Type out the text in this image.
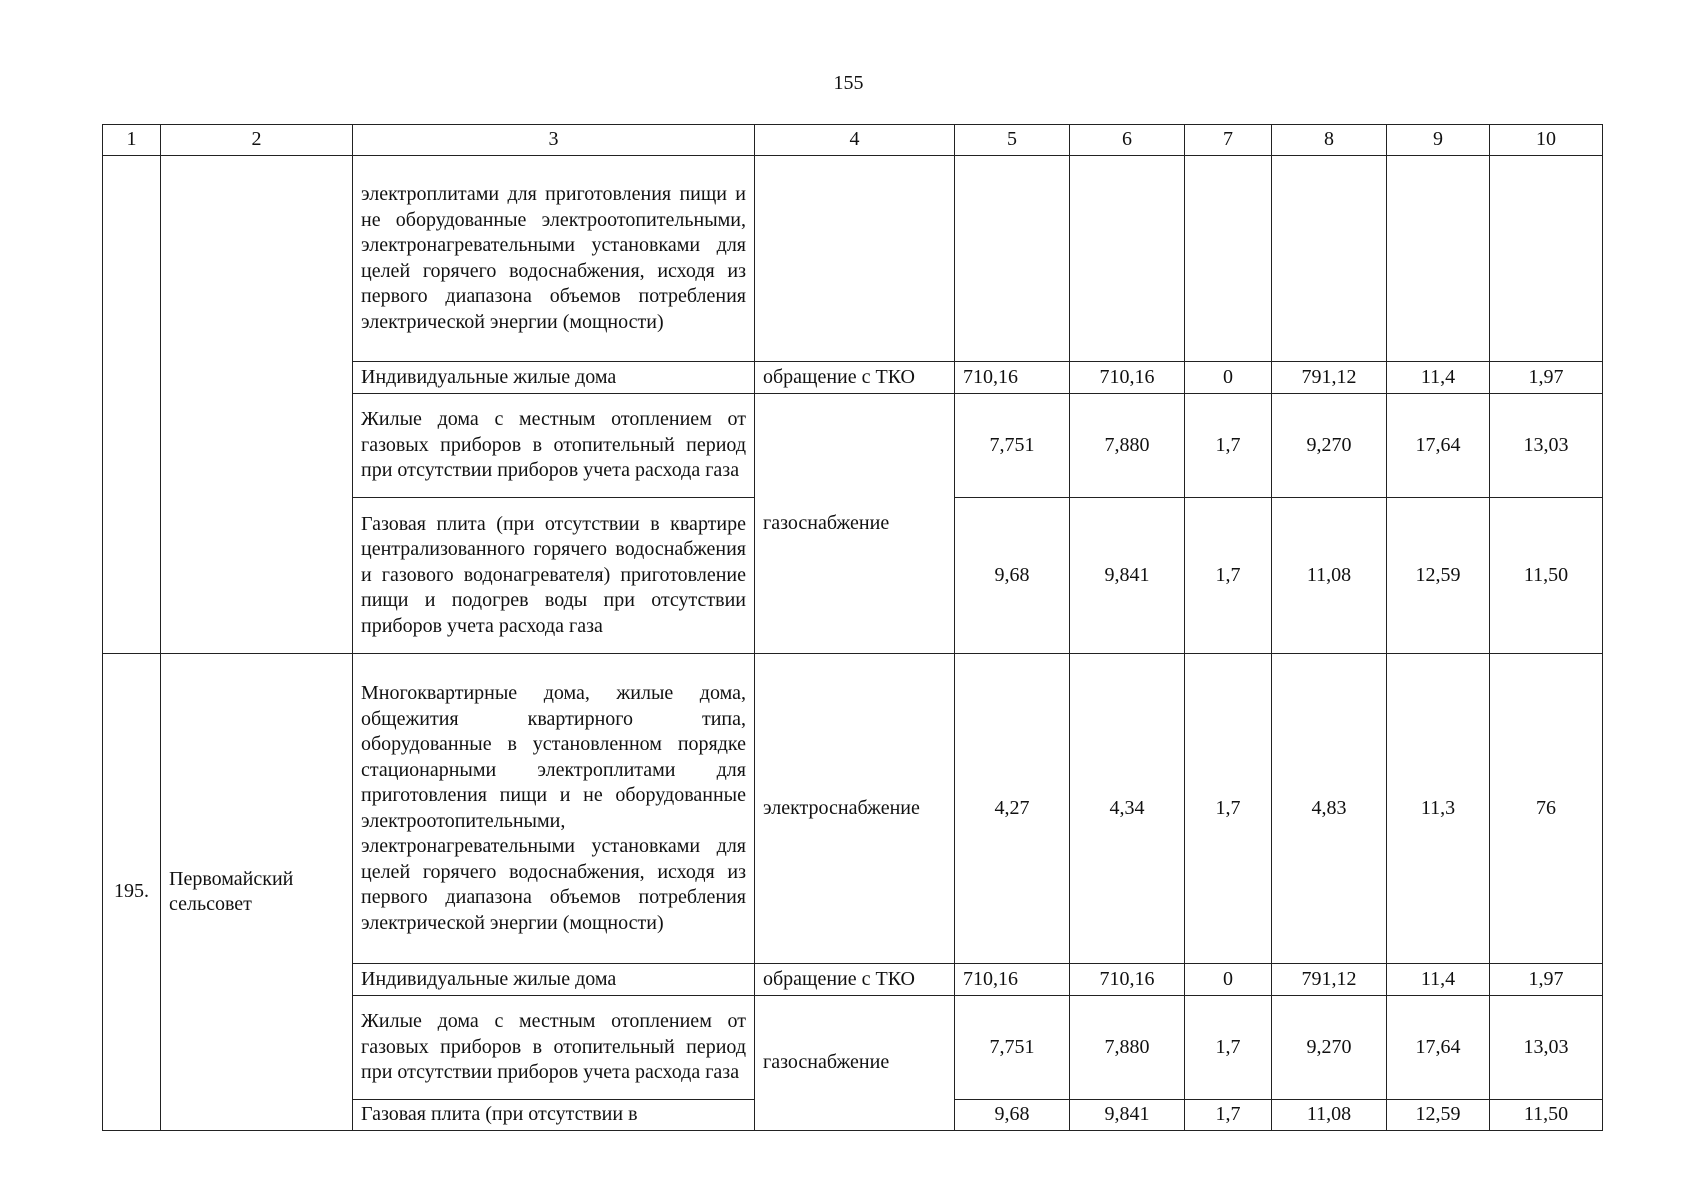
155
1	2	3	4	5	6	7	8	9	10
		электроплитами для приготовления пищи и не оборудованные электроотопительными, электронагревательными установками для целей горячего водоснабжения, исходя из первого диапазона объемов потребления электрической энергии (мощности)							
		Индивидуальные жилые дома	обращение с ТКО	710,16	710,16	0	791,12	11,4	1,97
		Жилые дома с местным отоплением от газовых приборов в отопительный период при отсутствии приборов учета расхода газа	газоснабжение	7,751	7,880	1,7	9,270	17,64	13,03
		Газовая плита (при отсутствии в квартире централизованного горячего водоснабжения и газового водонагревателя) приготовление пищи и подогрев воды при отсутствии приборов учета расхода газа		9,68	9,841	1,7	11,08	12,59	11,50
195.	Первомайский сельсовет	Многоквартирные дома, жилые дома, общежития квартирного типа, оборудованные в установленном порядке стационарными электроплитами для приготовления пищи и не оборудованные электроотопительными, электронагревательными установками для целей горячего водоснабжения, исходя из первого диапазона объемов потребления электрической энергии (мощности)	электроснабжение	4,27	4,34	1,7	4,83	11,3	76
		Индивидуальные жилые дома	обращение с ТКО	710,16	710,16	0	791,12	11,4	1,97
		Жилые дома с местным отоплением от газовых приборов в отопительный период при отсутствии приборов учета расхода газа	газоснабжение	7,751	7,880	1,7	9,270	17,64	13,03
		Газовая плита (при отсутствии в		9,68	9,841	1,7	11,08	12,59	11,50
